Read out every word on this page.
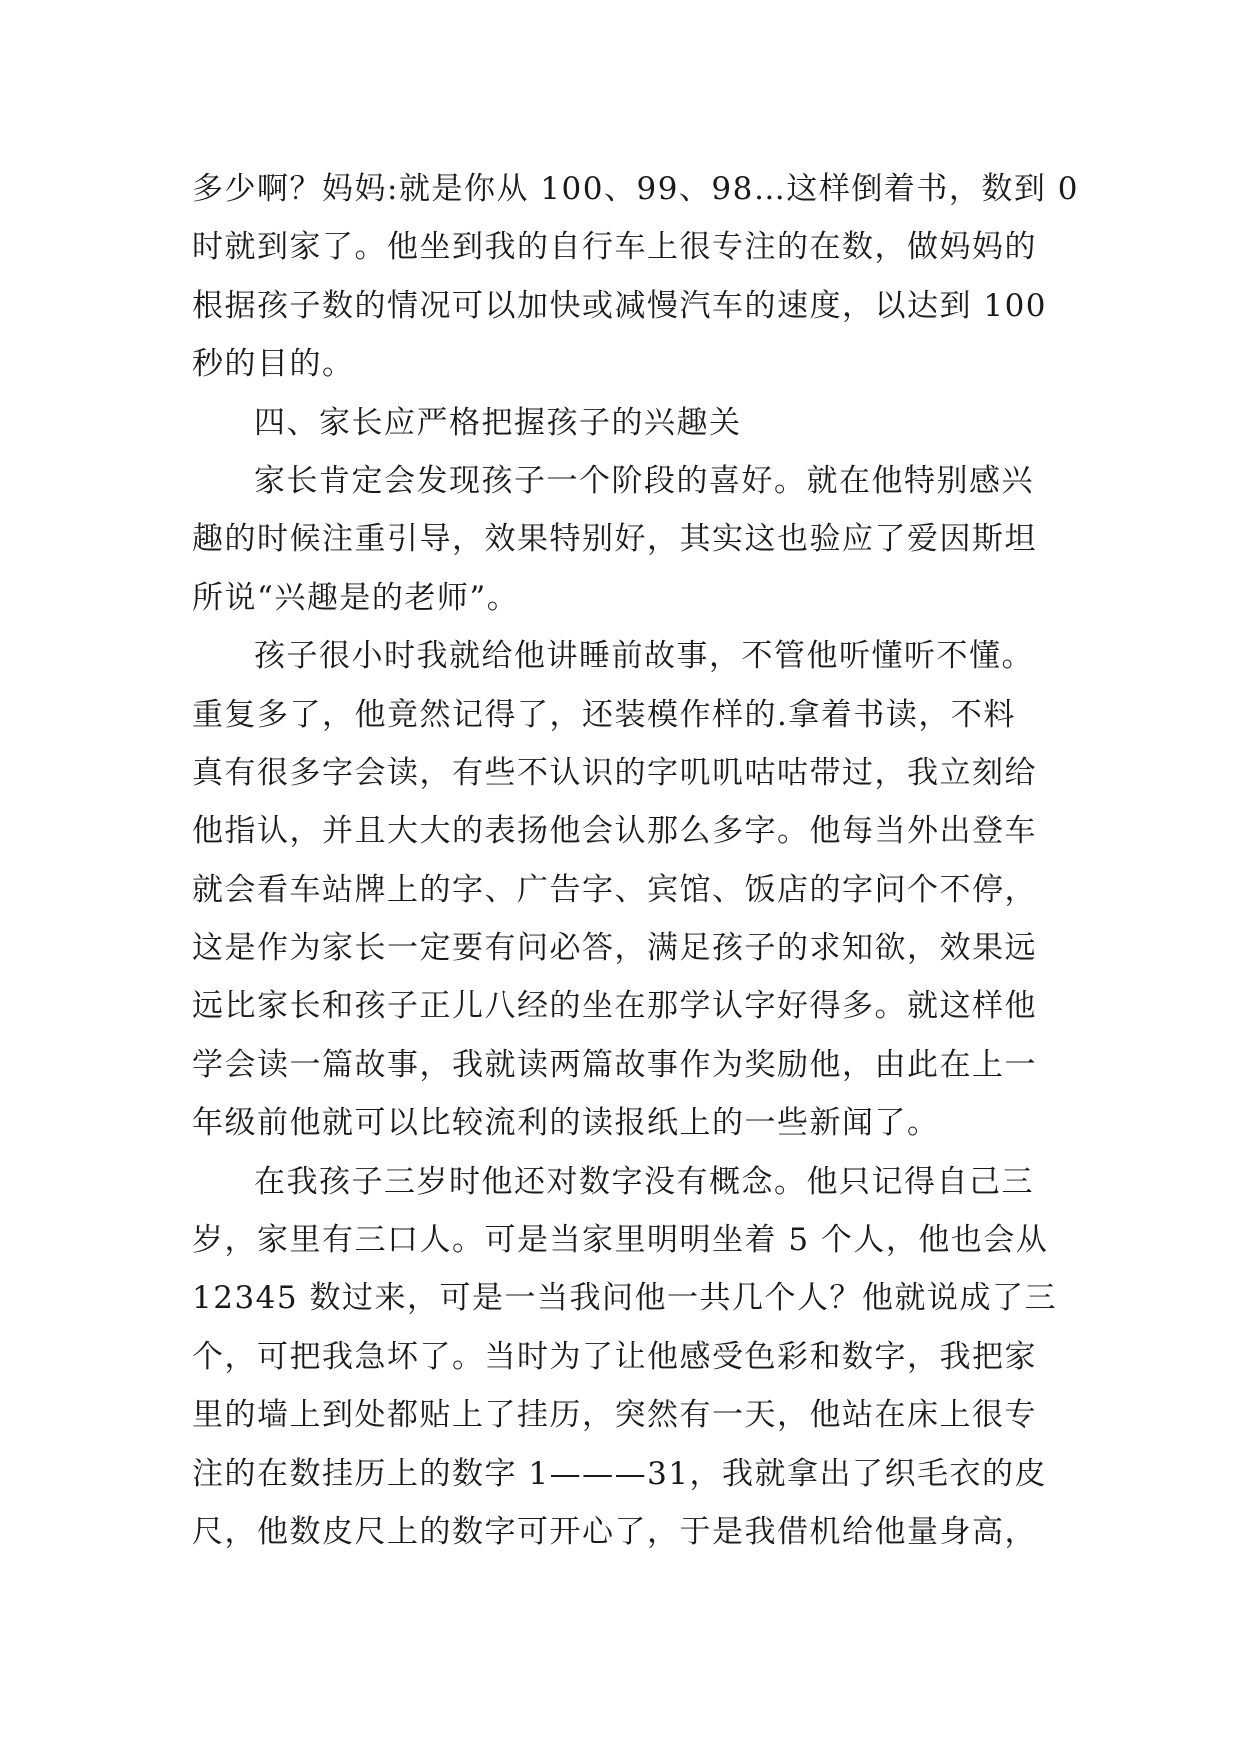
多少啊？妈妈:就是你从 100、99、98…这样倒着书，数到 0
时就到家了。他坐到我的自行车上很专注的在数，做妈妈的
根据孩子数的情况可以加快或减慢汽车的速度，以达到 100
秒的目的。
四、家长应严格把握孩子的兴趣关
家长肯定会发现孩子一个阶段的喜好。就在他特别感兴
趣的时候注重引导，效果特别好，其实这也验应了爱因斯坦
所说“兴趣是的老师”。
孩子很小时我就给他讲睡前故事，不管他听懂听不懂。
重复多了，他竟然记得了，还装模作样的.拿着书读，不料
真有很多字会读，有些不认识的字叽叽咕咕带过，我立刻给
他指认，并且大大的表扬他会认那么多字。他每当外出登车
就会看车站牌上的字、广告字、宾馆、饭店的字问个不停，
这是作为家长一定要有问必答，满足孩子的求知欲，效果远
远比家长和孩子正儿八经的坐在那学认字好得多。就这样他
学会读一篇故事，我就读两篇故事作为奖励他，由此在上一
年级前他就可以比较流利的读报纸上的一些新闻了。
在我孩子三岁时他还对数字没有概念。他只记得自己三
岁，家里有三口人。可是当家里明明坐着 5 个人，他也会从
12345 数过来，可是一当我问他一共几个人？他就说成了三
个，可把我急坏了。当时为了让他感受色彩和数字，我把家
里的墙上到处都贴上了挂历，突然有一天，他站在床上很专
注的在数挂历上的数字 1———31，我就拿出了织毛衣的皮
尺，他数皮尺上的数字可开心了，于是我借机给他量身高，
